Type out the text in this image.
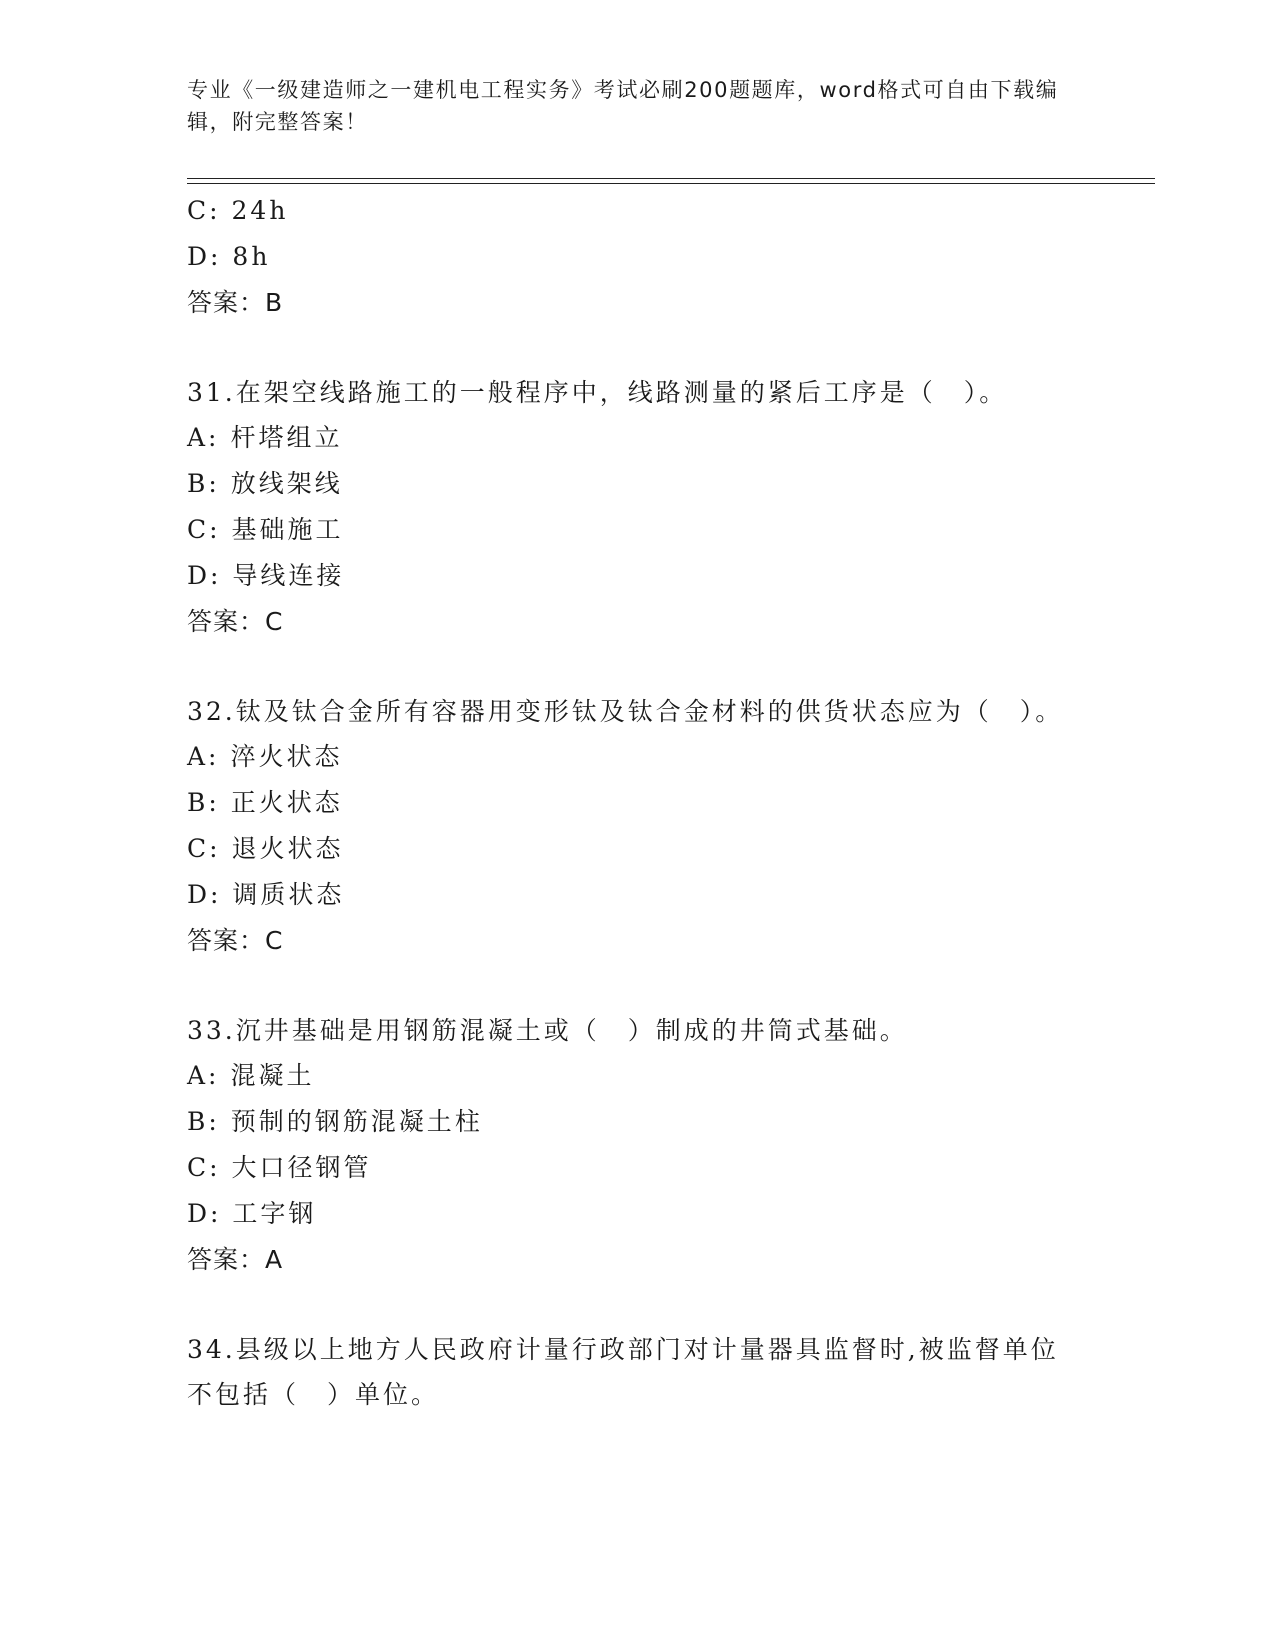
专业《一级建造师之一建机电工程实务》考试必刷200题题库，word格式可自由下载编辑，附完整答案！
C: 24h
D: 8h
答案：B
31.在架空线路施工的一般程序中，线路测量的紧后工序是（　）。
A: 杆塔组立
B: 放线架线
C: 基础施工
D: 导线连接
答案：C
32.钛及钛合金所有容器用变形钛及钛合金材料的供货状态应为（　）。
A: 淬火状态
B: 正火状态
C: 退火状态
D: 调质状态
答案：C
33.沉井基础是用钢筋混凝土或（　）制成的井筒式基础。
A: 混凝土
B: 预制的钢筋混凝土柱
C: 大口径钢管
D: 工字钢
答案：A
34.县级以上地方人民政府计量行政部门对计量器具监督时,被监督单位不包括（　）单位。
